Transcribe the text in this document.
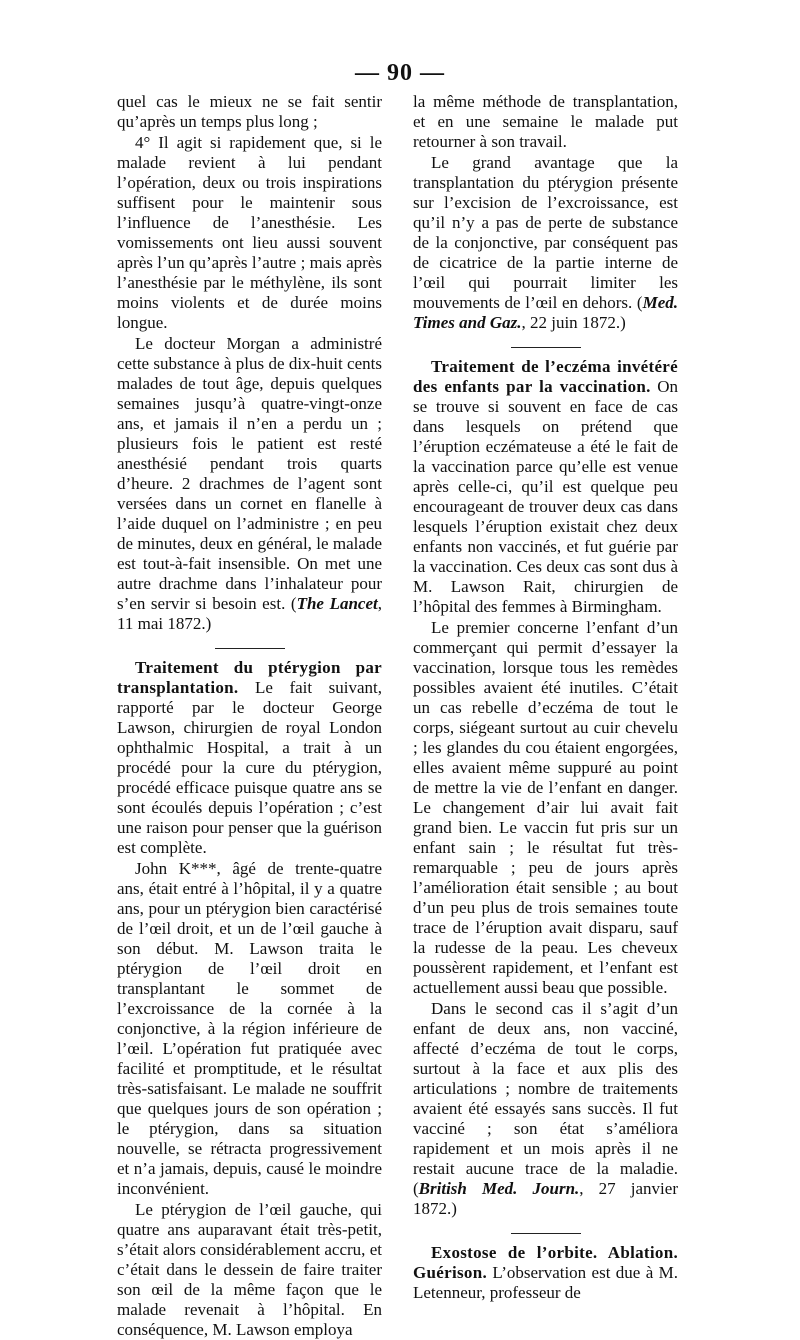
— 90 —

quel cas le mieux ne se fait sentir qu’après un temps plus long ;

4° Il agit si rapidement que, si le malade revient à lui pendant l’opération, deux ou trois inspirations suffisent pour le maintenir sous l’influence de l’anesthésie. Les vomissements ont lieu aussi souvent après l’un qu’après l’autre ; mais après l’anesthésie par le méthylène, ils sont moins violents et de durée moins longue.

Le docteur Morgan a administré cette substance à plus de dix-huit cents malades de tout âge, depuis quelques semaines jusqu’à quatre-vingt-onze ans, et jamais il n’en a perdu un ; plusieurs fois le patient est resté anesthésié pendant trois quarts d’heure. 2 drachmes de l’agent sont versées dans un cornet en flanelle à l’aide duquel on l’administre ; en peu de minutes, deux en général, le malade est tout-à-fait insensible. On met une autre drachme dans l’inhalateur pour s’en servir si besoin est. (The Lancet, 11 mai 1872.)

Traitement du ptérygion par transplantation. Le fait suivant, rapporté par le docteur George Lawson, chirurgien de royal London ophthalmic Hospital, a trait à un procédé pour la cure du ptérygion, procédé efficace puisque quatre ans se sont écoulés depuis l’opération ; c’est une raison pour penser que la guérison est complète.

John K***, âgé de trente-quatre ans, était entré à l’hôpital, il y a quatre ans, pour un ptérygion bien caractérisé de l’œil droit, et un de l’œil gauche à son début. M. Lawson traita le ptérygion de l’œil droit en transplantant le sommet de l’excroissance de la cornée à la conjonctive, à la région inférieure de l’œil. L’opération fut pratiquée avec facilité et promptitude, et le résultat très-satisfaisant. Le malade ne souffrit que quelques jours de son opération ; le ptérygion, dans sa situation nouvelle, se rétracta progressivement et n’a jamais, depuis, causé le moindre inconvénient.

Le ptérygion de l’œil gauche, qui quatre ans auparavant était très-petit, s’était alors considérablement accru, et c’était dans le dessein de faire traiter son œil de la même façon que le malade revenait à l’hôpital. En conséquence, M. Lawson employa

la même méthode de transplantation, et en une semaine le malade put retourner à son travail.

Le grand avantage que la transplantation du ptérygion présente sur l’excision de l’excroissance, est qu’il n’y a pas de perte de substance de la conjonctive, par conséquent pas de cicatrice de la partie interne de l’œil qui pourrait limiter les mouvements de l’œil en dehors. (Med. Times and Gaz., 22 juin 1872.)

Traitement de l’eczéma invétéré des enfants par la vaccination. On se trouve si souvent en face de cas dans lesquels on prétend que l’éruption eczémateuse a été le fait de la vaccination parce qu’elle est venue après celle-ci, qu’il est quelque peu encourageant de trouver deux cas dans lesquels l’éruption existait chez deux enfants non vaccinés, et fut guérie par la vaccination. Ces deux cas sont dus à M. Lawson Rait, chirurgien de l’hôpital des femmes à Birmingham.

Le premier concerne l’enfant d’un commerçant qui permit d’essayer la vaccination, lorsque tous les remèdes possibles avaient été inutiles. C’était un cas rebelle d’eczéma de tout le corps, siégeant surtout au cuir chevelu ; les glandes du cou étaient engorgées, elles avaient même suppuré au point de mettre la vie de l’enfant en danger. Le changement d’air lui avait fait grand bien. Le vaccin fut pris sur un enfant sain ; le résultat fut très-remarquable ; peu de jours après l’amélioration était sensible ; au bout d’un peu plus de trois semaines toute trace de l’éruption avait disparu, sauf la rudesse de la peau. Les cheveux poussèrent rapidement, et l’enfant est actuellement aussi beau que possible.

Dans le second cas il s’agit d’un enfant de deux ans, non vacciné, affecté d’eczéma de tout le corps, surtout à la face et aux plis des articulations ; nombre de traitements avaient été essayés sans succès. Il fut vacciné ; son état s’améliora rapidement et un mois après il ne restait aucune trace de la maladie. (British Med. Journ., 27 janvier 1872.)

Exostose de l’orbite. Ablation. Guérison. L’observation est due à M. Letenneur, professeur de
